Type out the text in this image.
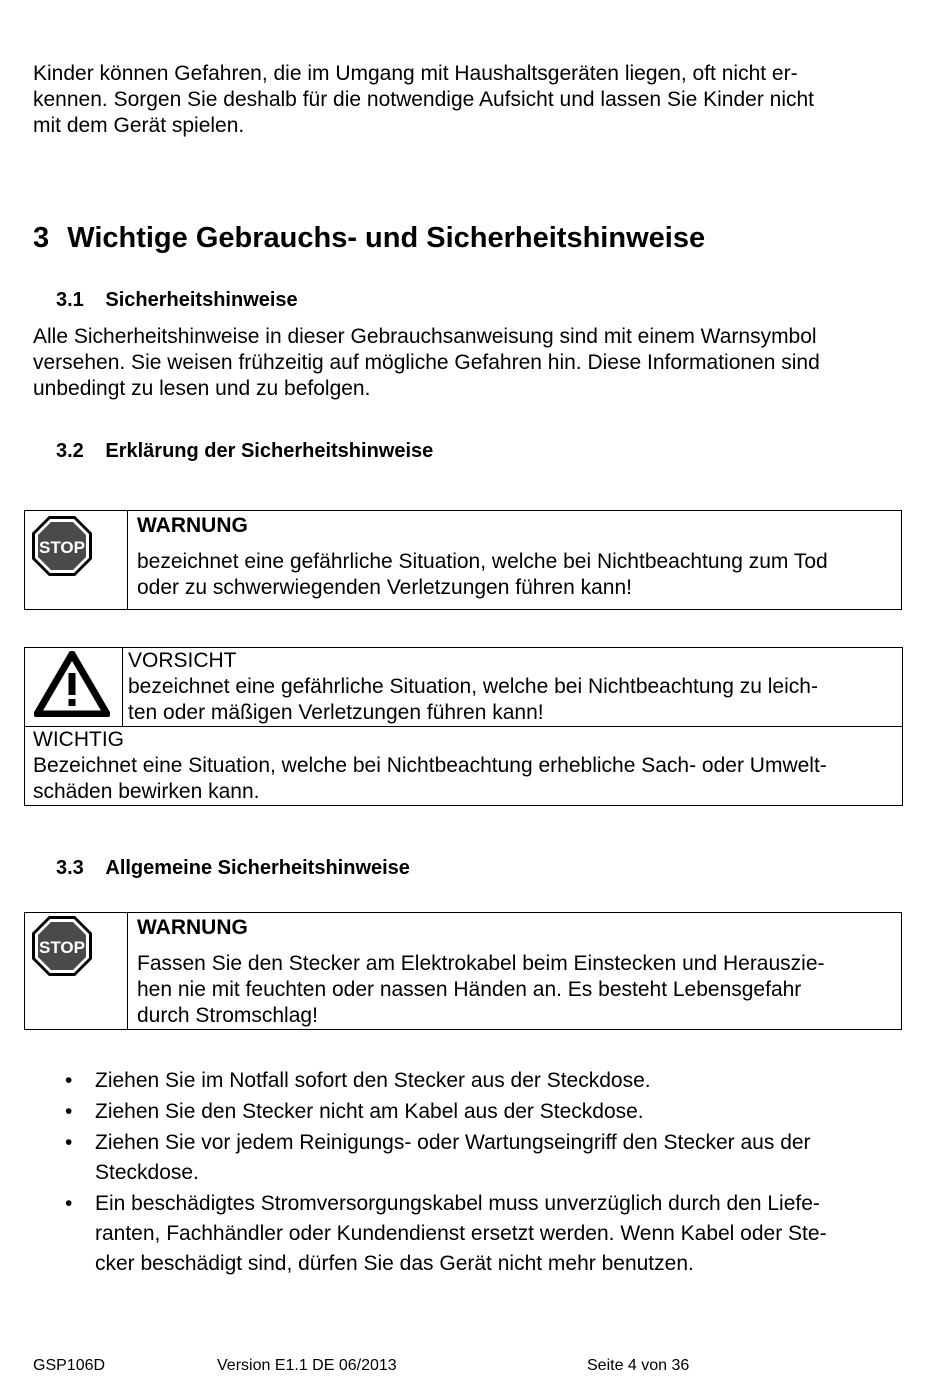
Kinder können Gefahren, die im Umgang mit Haushaltsgeräten liegen, oft nicht er-
kennen. Sorgen Sie deshalb für die notwendige Aufsicht und lassen Sie Kinder nicht
mit dem Gerät spielen.
3 Wichtige Gebrauchs- und Sicherheitshinweise
3.1 Sicherheitshinweise
Alle Sicherheitshinweise in dieser Gebrauchsanweisung sind mit einem Warnsymbol
versehen. Sie weisen frühzeitig auf mögliche Gefahren hin. Diese Informationen sind
unbedingt zu lesen und zu befolgen.
3.2 Erklärung der Sicherheitshinweise
STOP

WARNUNG
bezeichnet eine gefährliche Situation, welche bei Nichtbeachtung zum Tod
oder zu schwerwiegenden Verletzungen führen kann!

VORSICHT
bezeichnet eine gefährliche Situation, welche bei Nichtbeachtung zu leich-
ten oder mäßigen Verletzungen führen kann!

WICHTIG
Bezeichnet eine Situation, welche bei Nichtbeachtung erhebliche Sach- oder Umwelt-
schäden bewirken kann.
3.3 Allgemeine Sicherheitshinweise
STOP

WARNUNG
Fassen Sie den Stecker am Elektrokabel beim Einstecken und Herauszie-
hen nie mit feuchten oder nassen Händen an. Es besteht Lebensgefahr
durch Stromschlag!
• Ziehen Sie im Notfall sofort den Stecker aus der Steckdose.
• Ziehen Sie den Stecker nicht am Kabel aus der Steckdose.
• Ziehen Sie vor jedem Reinigungs- oder Wartungseingriff den Stecker aus der
Steckdose.
• Ein beschädigtes Stromversorgungskabel muss unverzüglich durch den Liefe-
ranten, Fachhändler oder Kundendienst ersetzt werden. Wenn Kabel oder Ste-
cker beschädigt sind, dürfen Sie das Gerät nicht mehr benutzen.
GSP106D	Version E1.1 DE 06/2013	Seite 4 von 36
